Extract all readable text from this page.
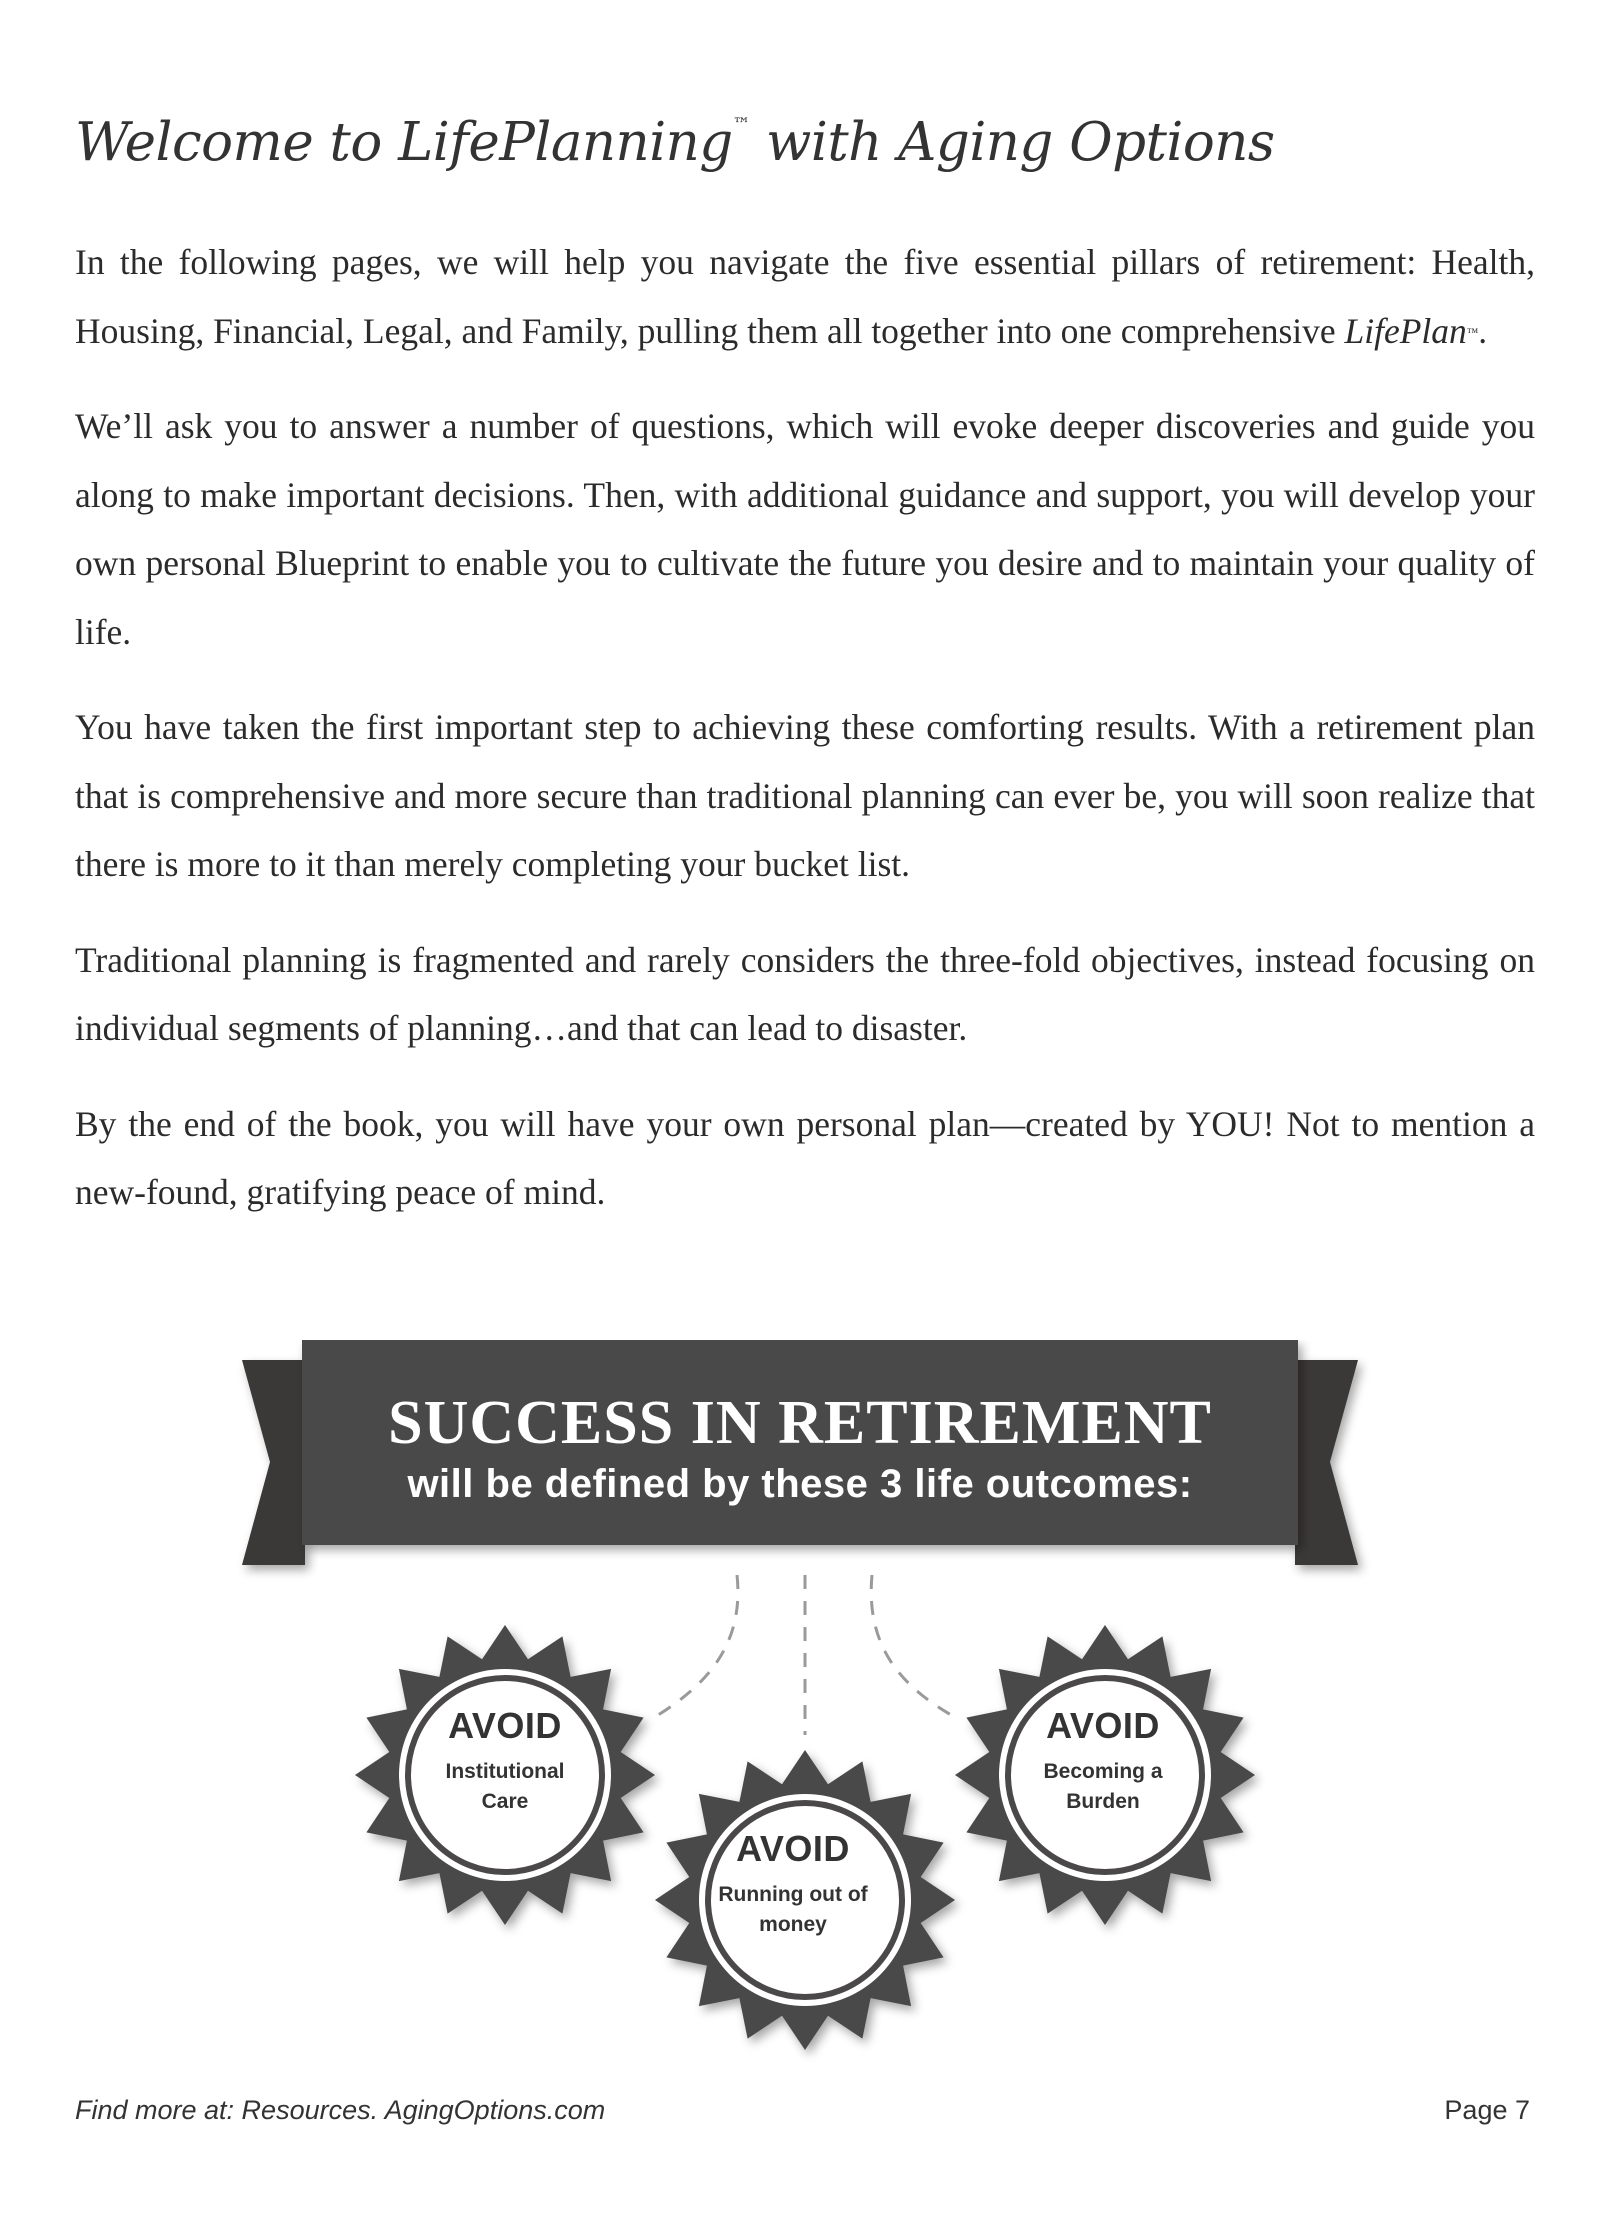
Welcome to LifePlanning™ with Aging Options

In the following pages, we will help you navigate the five essential pillars of retirement: Health, Housing, Financial, Legal, and Family, pulling them all together into one comprehensive LifePlan™.

We’ll ask you to answer a number of questions, which will evoke deeper discoveries and guide you along to make important decisions. Then, with additional guidance and support, you will develop your own personal Blueprint to enable you to cultivate the future you desire and to maintain your quality of life.

You have taken the first important step to achieving these comforting results. With a retirement plan that is comprehensive and more secure than traditional planning can ever be, you will soon realize that there is more to it than merely completing your bucket list.

Traditional planning is fragmented and rarely considers the three-fold objectives, instead focusing on individual segments of planning…and that can lead to disaster.

By the end of the book, you will have your own personal plan—created by YOU! Not to mention a new-found, gratifying peace of mind.

SUCCESS IN RETIREMENT
will be defined by these 3 life outcomes:
AVOID
Institutional
Care
AVOID
Running out of
money
AVOID
Becoming a
Burden
Find more at: Resources. AgingOptions.com	Page 7
